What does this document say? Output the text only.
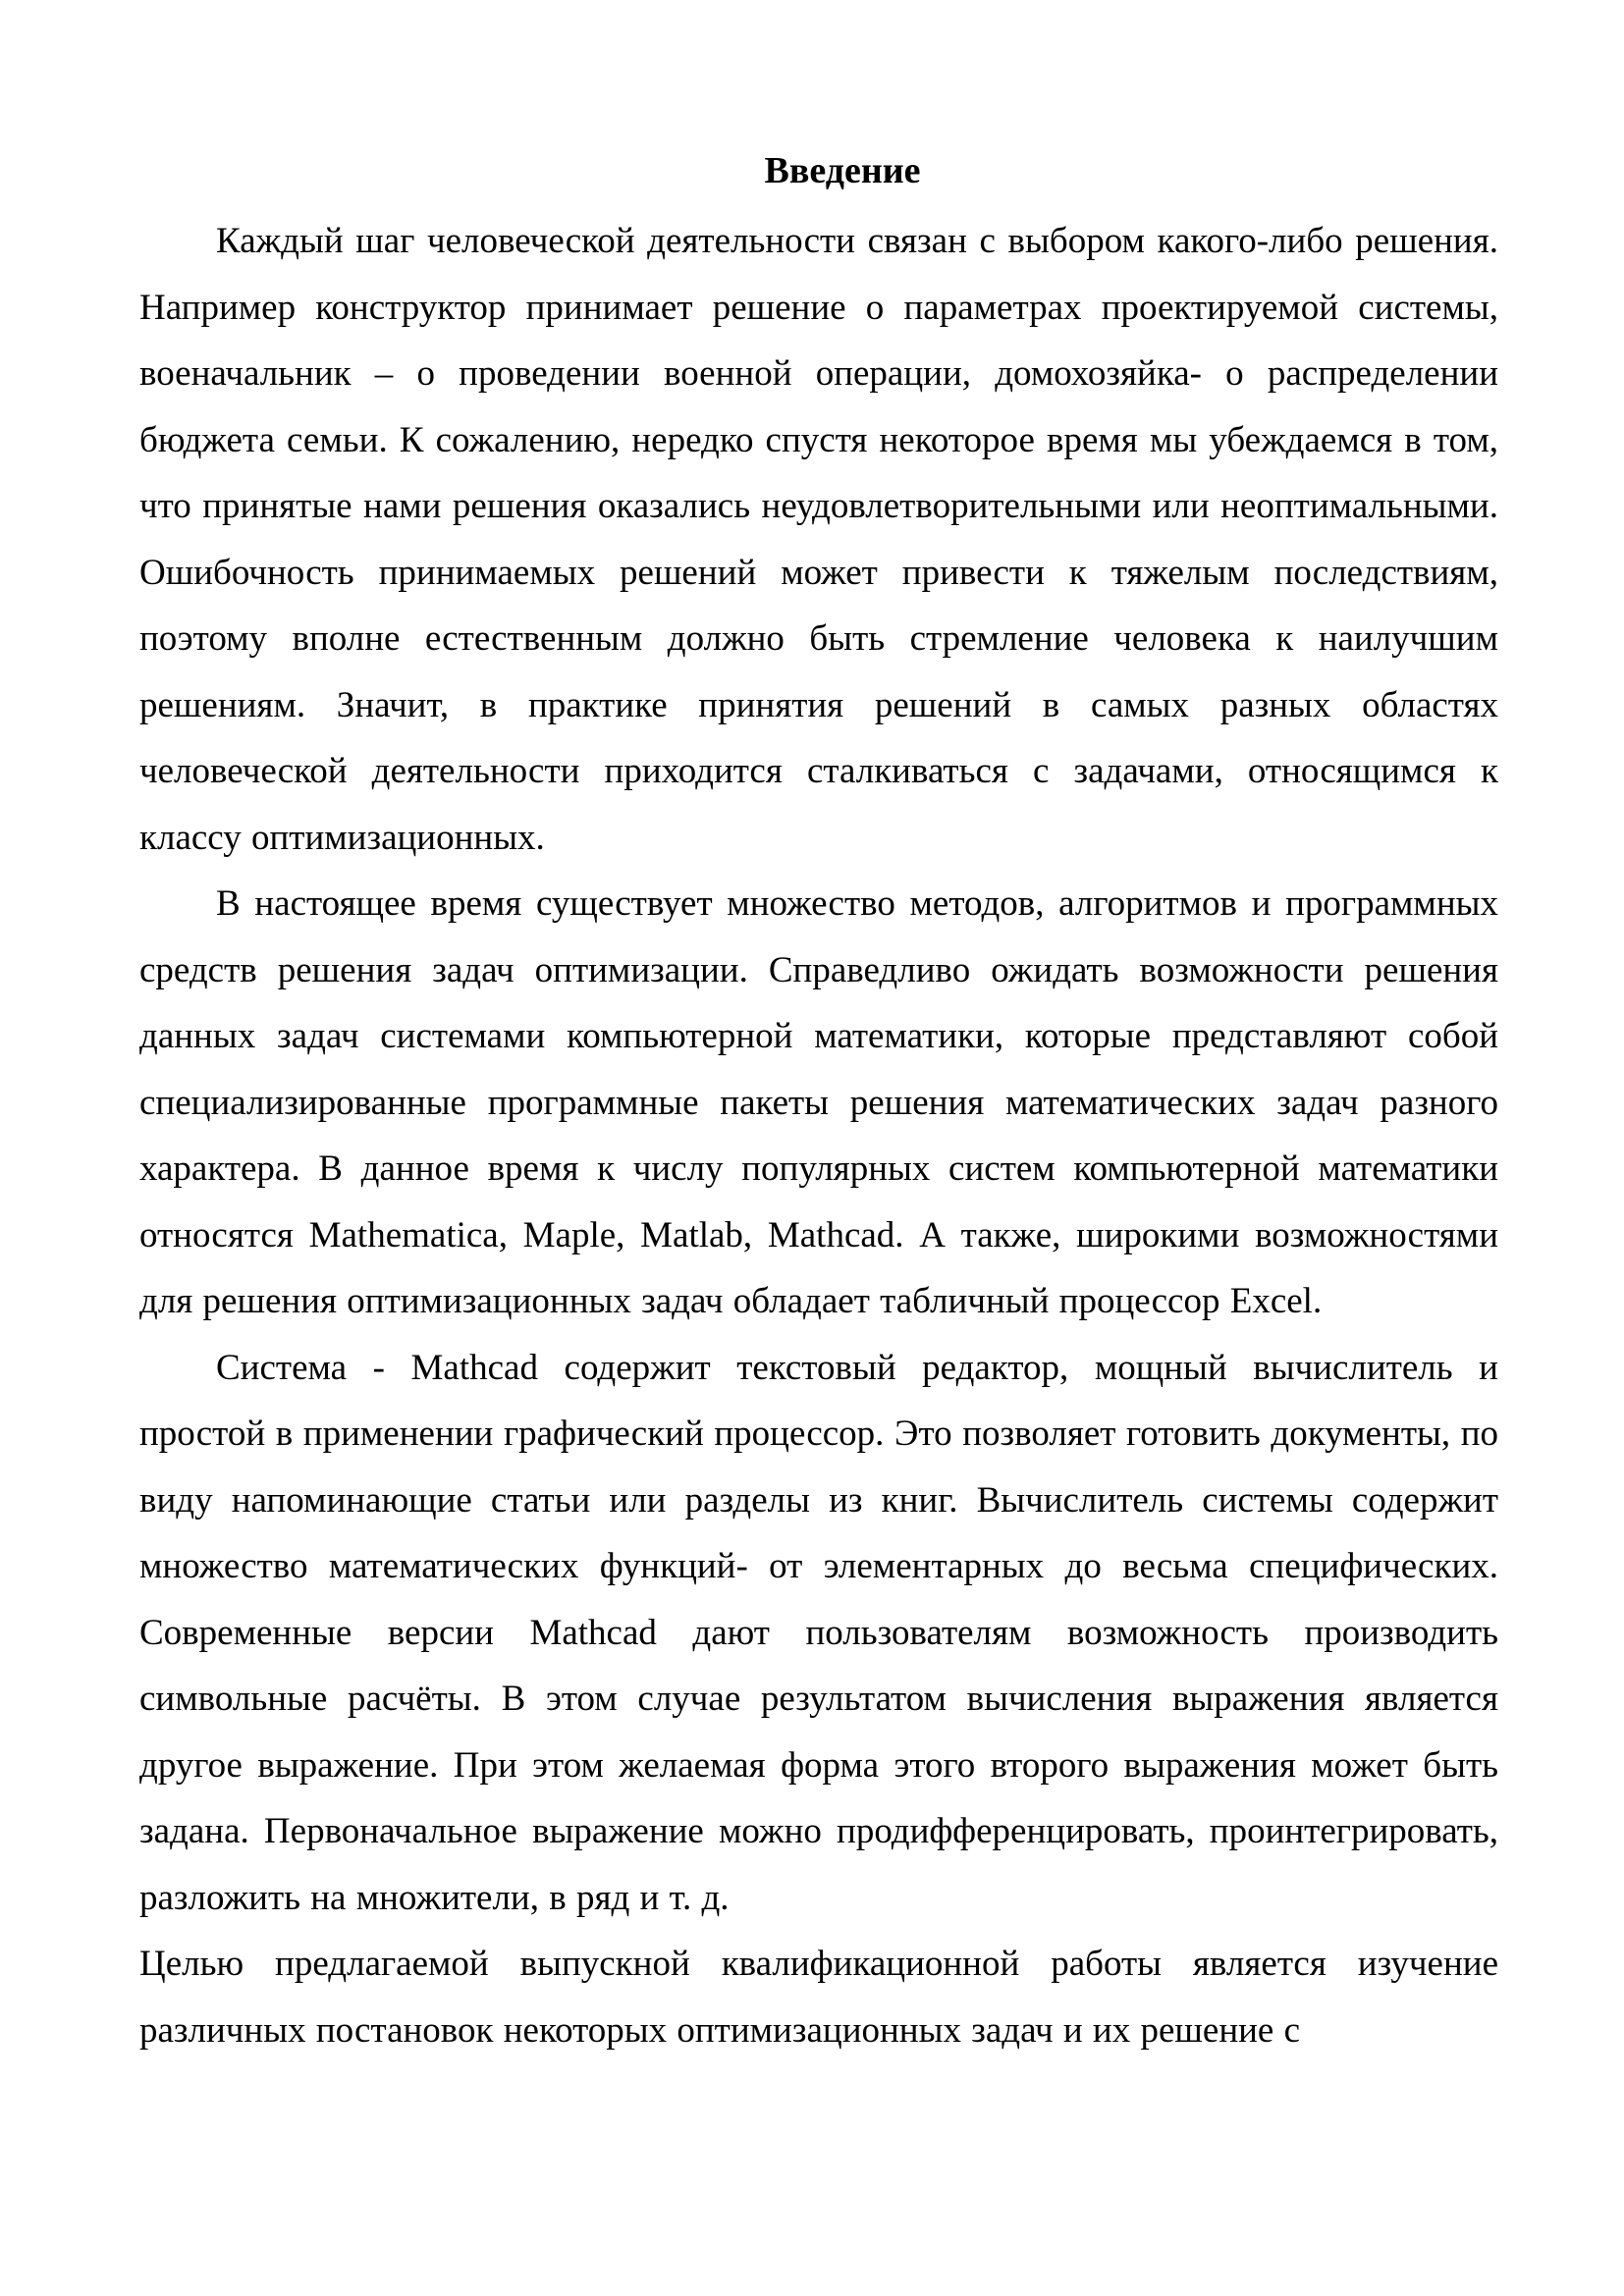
Введение

Каждый шаг человеческой деятельности связан с выбором какого-либо решения. Например конструктор принимает решение о параметрах проектируемой системы, военачальник – о проведении военной операции, домохозяйка- о распределении бюджета семьи. К сожалению, нередко спустя некоторое время мы убеждаемся в том, что принятые нами решения оказались неудовлетворительными или неоптимальными. Ошибочность принимаемых решений может привести к тяжелым последствиям, поэтому вполне естественным должно быть стремление человека к наилучшим решениям. Значит, в практике принятия решений в самых разных областях человеческой деятельности приходится сталкиваться с задачами, относящимся к классу оптимизационных.

В настоящее время существует множество методов, алгоритмов и программных средств решения задач оптимизации. Справедливо ожидать возможности решения данных задач системами компьютерной математики, которые представляют собой специализированные программные пакеты решения математических задач разного характера. В данное время к числу популярных систем компьютерной математики относятся Mathematica, Maple, Matlab, Mathcad. А также, широкими возможностями для решения оптимизационных задач обладает табличный процессор Excel.

Система - Mathcad содержит текстовый редактор, мощный вычислитель и простой в применении графический процессор. Это позволяет готовить документы, по виду напоминающие статьи или разделы из книг. Вычислитель системы содержит множество математических функций- от элементарных до весьма специфических. Современные версии Mathcad дают пользователям возможность производить символьные расчёты. В этом случае результатом вычисления выражения является другое выражение. При этом желаемая форма этого второго выражения может быть задана. Первоначальное выражение можно продифференцировать, проинтегрировать, разложить на множители, в ряд и т. д.

Целью предлагаемой выпускной квалификационной работы является изучение различных постановок некоторых оптимизационных задач и их решение с
